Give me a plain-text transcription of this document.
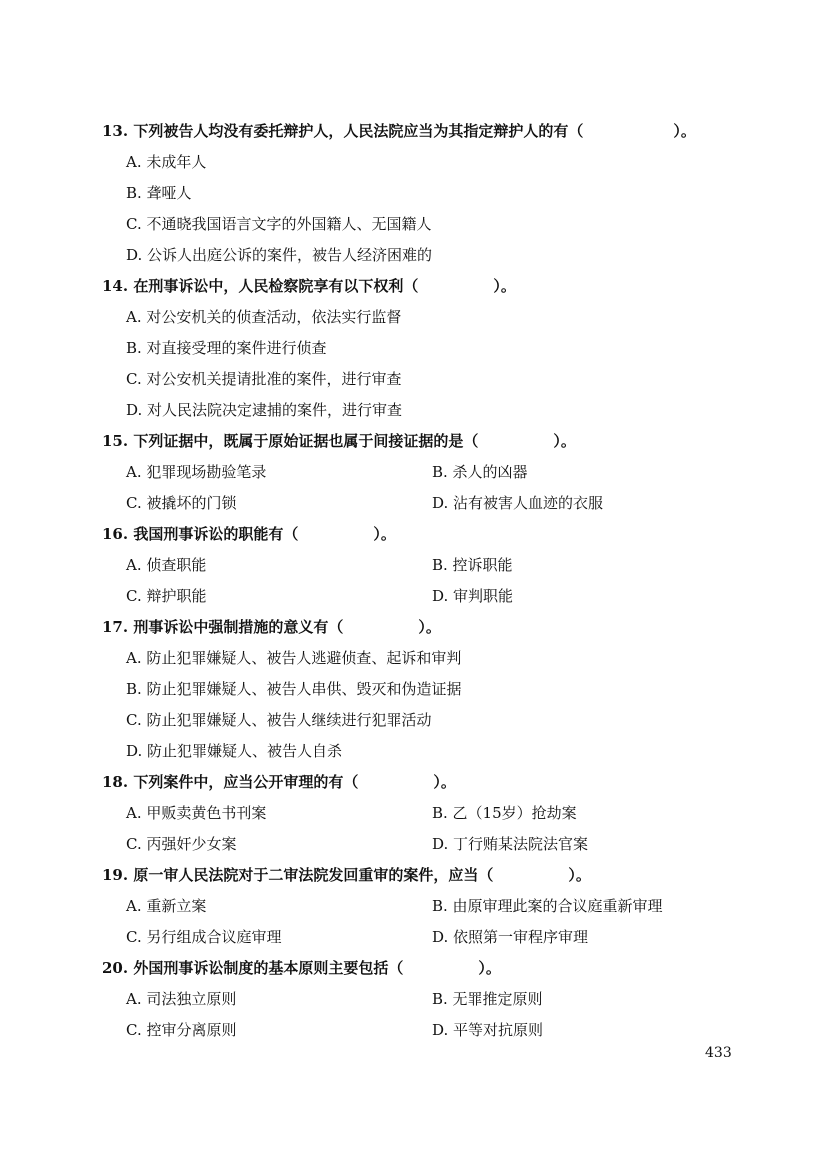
13. 下列被告人均没有委托辩护人，人民法院应当为其指定辩护人的有（　　　　　　）。
A. 未成年人
B. 聋哑人
C. 不通晓我国语言文字的外国籍人、无国籍人
D. 公诉人出庭公诉的案件，被告人经济困难的
14. 在刑事诉讼中，人民检察院享有以下权利（　　　　　）。
A. 对公安机关的侦查活动，依法实行监督
B. 对直接受理的案件进行侦查
C. 对公安机关提请批准的案件，进行审查
D. 对人民法院决定逮捕的案件，进行审查
15. 下列证据中，既属于原始证据也属于间接证据的是（　　　　　）。
A. 犯罪现场勘验笔录	B. 杀人的凶器
C. 被撬坏的门锁	D. 沾有被害人血迹的衣服
16. 我国刑事诉讼的职能有（　　　　　）。
A. 侦查职能	B. 控诉职能
C. 辩护职能	D. 审判职能
17. 刑事诉讼中强制措施的意义有（　　　　　）。
A. 防止犯罪嫌疑人、被告人逃避侦查、起诉和审判
B. 防止犯罪嫌疑人、被告人串供、毁灭和伪造证据
C. 防止犯罪嫌疑人、被告人继续进行犯罪活动
D. 防止犯罪嫌疑人、被告人自杀
18. 下列案件中，应当公开审理的有（　　　　　）。
A. 甲贩卖黄色书刊案	B. 乙（15岁）抢劫案
C. 丙强奸少女案	D. 丁行贿某法院法官案
19. 原一审人民法院对于二审法院发回重审的案件，应当（　　　　　）。
A. 重新立案	B. 由原审理此案的合议庭重新审理
C. 另行组成合议庭审理	D. 依照第一审程序审理
20. 外国刑事诉讼制度的基本原则主要包括（　　　　　）。
A. 司法独立原则	B. 无罪推定原则
C. 控审分离原则	D. 平等对抗原则
433
